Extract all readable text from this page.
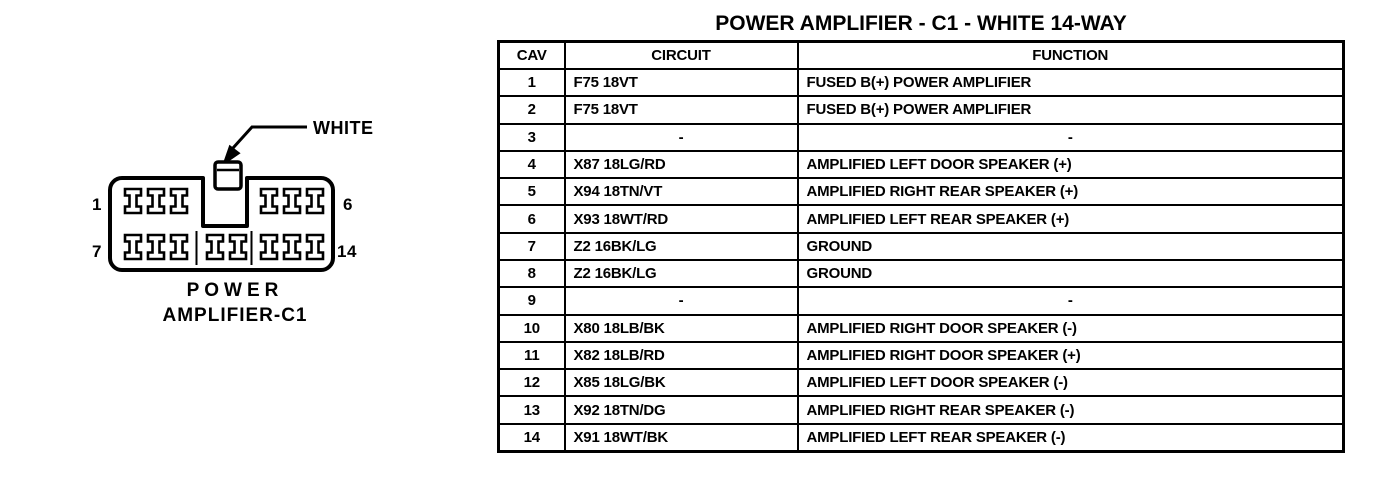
WHITE
1
7
6
14
POWER
AMPLIFIER-C1
POWER AMPLIFIER - C1 - WHITE 14-WAY
CAV	CIRCUIT	FUNCTION
1	F75 18VT	FUSED B(+) POWER AMPLIFIER
2	F75 18VT	FUSED B(+) POWER AMPLIFIER
3	-	-
4	X87 18LG/RD	AMPLIFIED LEFT DOOR SPEAKER (+)
5	X94 18TN/VT	AMPLIFIED RIGHT REAR SPEAKER (+)
6	X93 18WT/RD	AMPLIFIED LEFT REAR SPEAKER (+)
7	Z2 16BK/LG	GROUND
8	Z2 16BK/LG	GROUND
9	-	-
10	X80 18LB/BK	AMPLIFIED RIGHT DOOR SPEAKER (-)
11	X82 18LB/RD	AMPLIFIED RIGHT DOOR SPEAKER (+)
12	X85 18LG/BK	AMPLIFIED LEFT DOOR SPEAKER (-)
13	X92 18TN/DG	AMPLIFIED RIGHT REAR SPEAKER (-)
14	X91 18WT/BK	AMPLIFIED LEFT REAR SPEAKER (-)
